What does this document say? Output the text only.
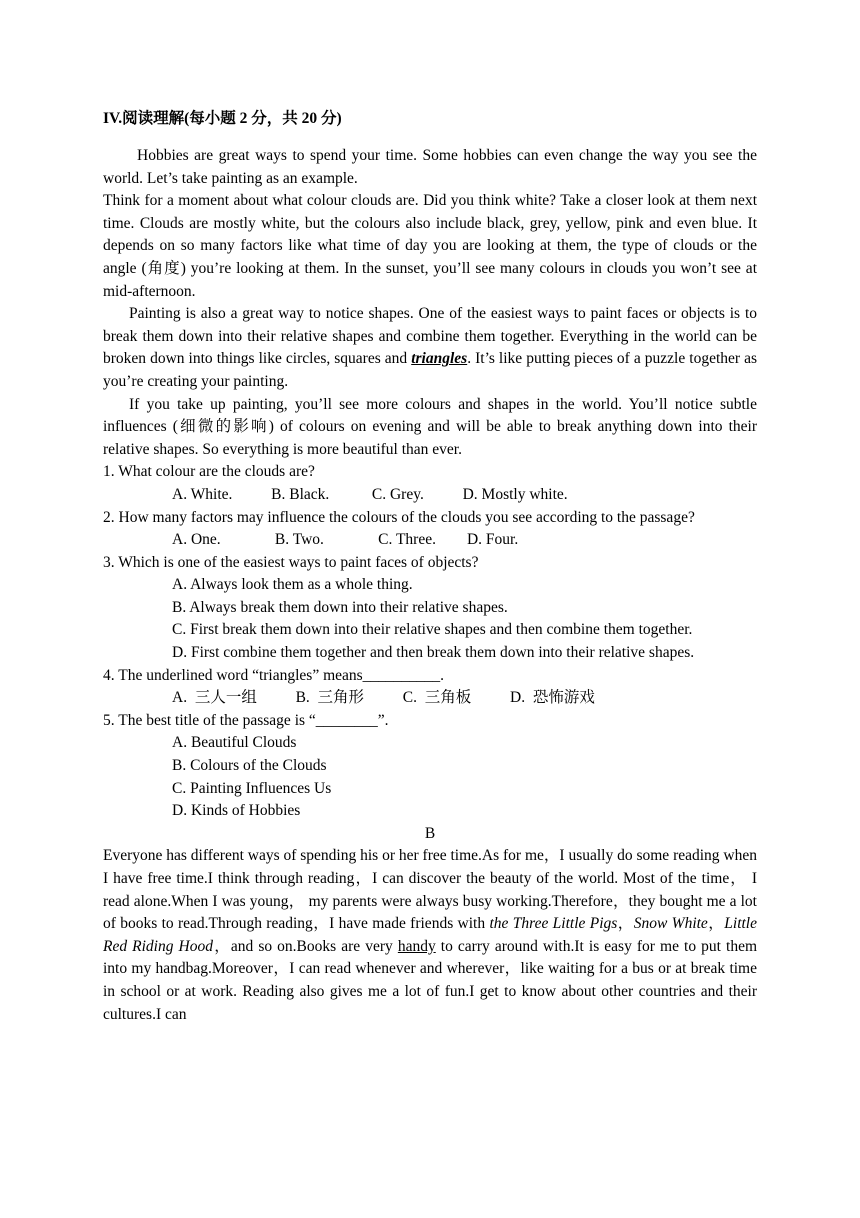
IV.阅读理解(每小题 2 分，共 20 分)

Hobbies are great ways to spend your time. Some hobbies can even change the way you see the world. Let’s take painting as an example.

Think for a moment about what colour clouds are. Did you think white? Take a closer look at them next time. Clouds are mostly white, but the colours also include black, grey, yellow, pink and even blue. It depends on so many factors like what time of day you are looking at them, the type of clouds or the angle (角度) you’re looking at them. In the sunset, you’ll see many colours in clouds you won’t see at mid-afternoon.

Painting is also a great way to notice shapes. One of the easiest ways to paint faces or objects is to break them down into their relative shapes and combine them together. Everything in the world can be broken down into things like circles, squares and triangles. It’s like putting pieces of a puzzle together as you’re creating your painting.

If you take up painting, you’ll see more colours and shapes in the world. You’ll notice subtle influences (细微的影响) of colours on evening and will be able to break anything down into their relative shapes. So everything is more beautiful than ever.

1. What colour are the clouds are?

A. White.          B. Black.           C. Grey.          D. Mostly white.

2. How many factors may influence the colours of the clouds you see according to the passage?

A. One.              B. Two.              C. Three.        D. Four.

3. Which is one of the easiest ways to paint faces of objects?

A. Always look them as a whole thing.
B. Always break them down into their relative shapes.
C. First break them down into their relative shapes and then combine them together.
D. First combine them together and then break them down into their relative shapes.

4. The underlined word “triangles” means__________.

A.  三人一组          B.  三角形          C.  三角板          D.  恐怖游戏

5. The best title of the passage is “________”.

A. Beautiful Clouds
B. Colours of the Clouds
C. Painting Influences Us
D. Kinds of Hobbies

B

Everyone has different ways of spending his or her free time.As for me，I usually do some reading when I have free time.I think through reading，I can discover the beauty of the world. Most of the time， I read alone.When I was young， my parents were always busy working.Therefore，they bought me a lot of books to read.Through reading，I have made friends with the Three Little Pigs，Snow White，Little Red Riding Hood，and so on.Books are very handy to carry around with.It is easy for me to put them into my handbag.Moreover，I can read whenever and wherever，like waiting for a bus or at break time in school or at work. Reading also gives me a lot of fun.I get to know about other countries and their cultures.I can
